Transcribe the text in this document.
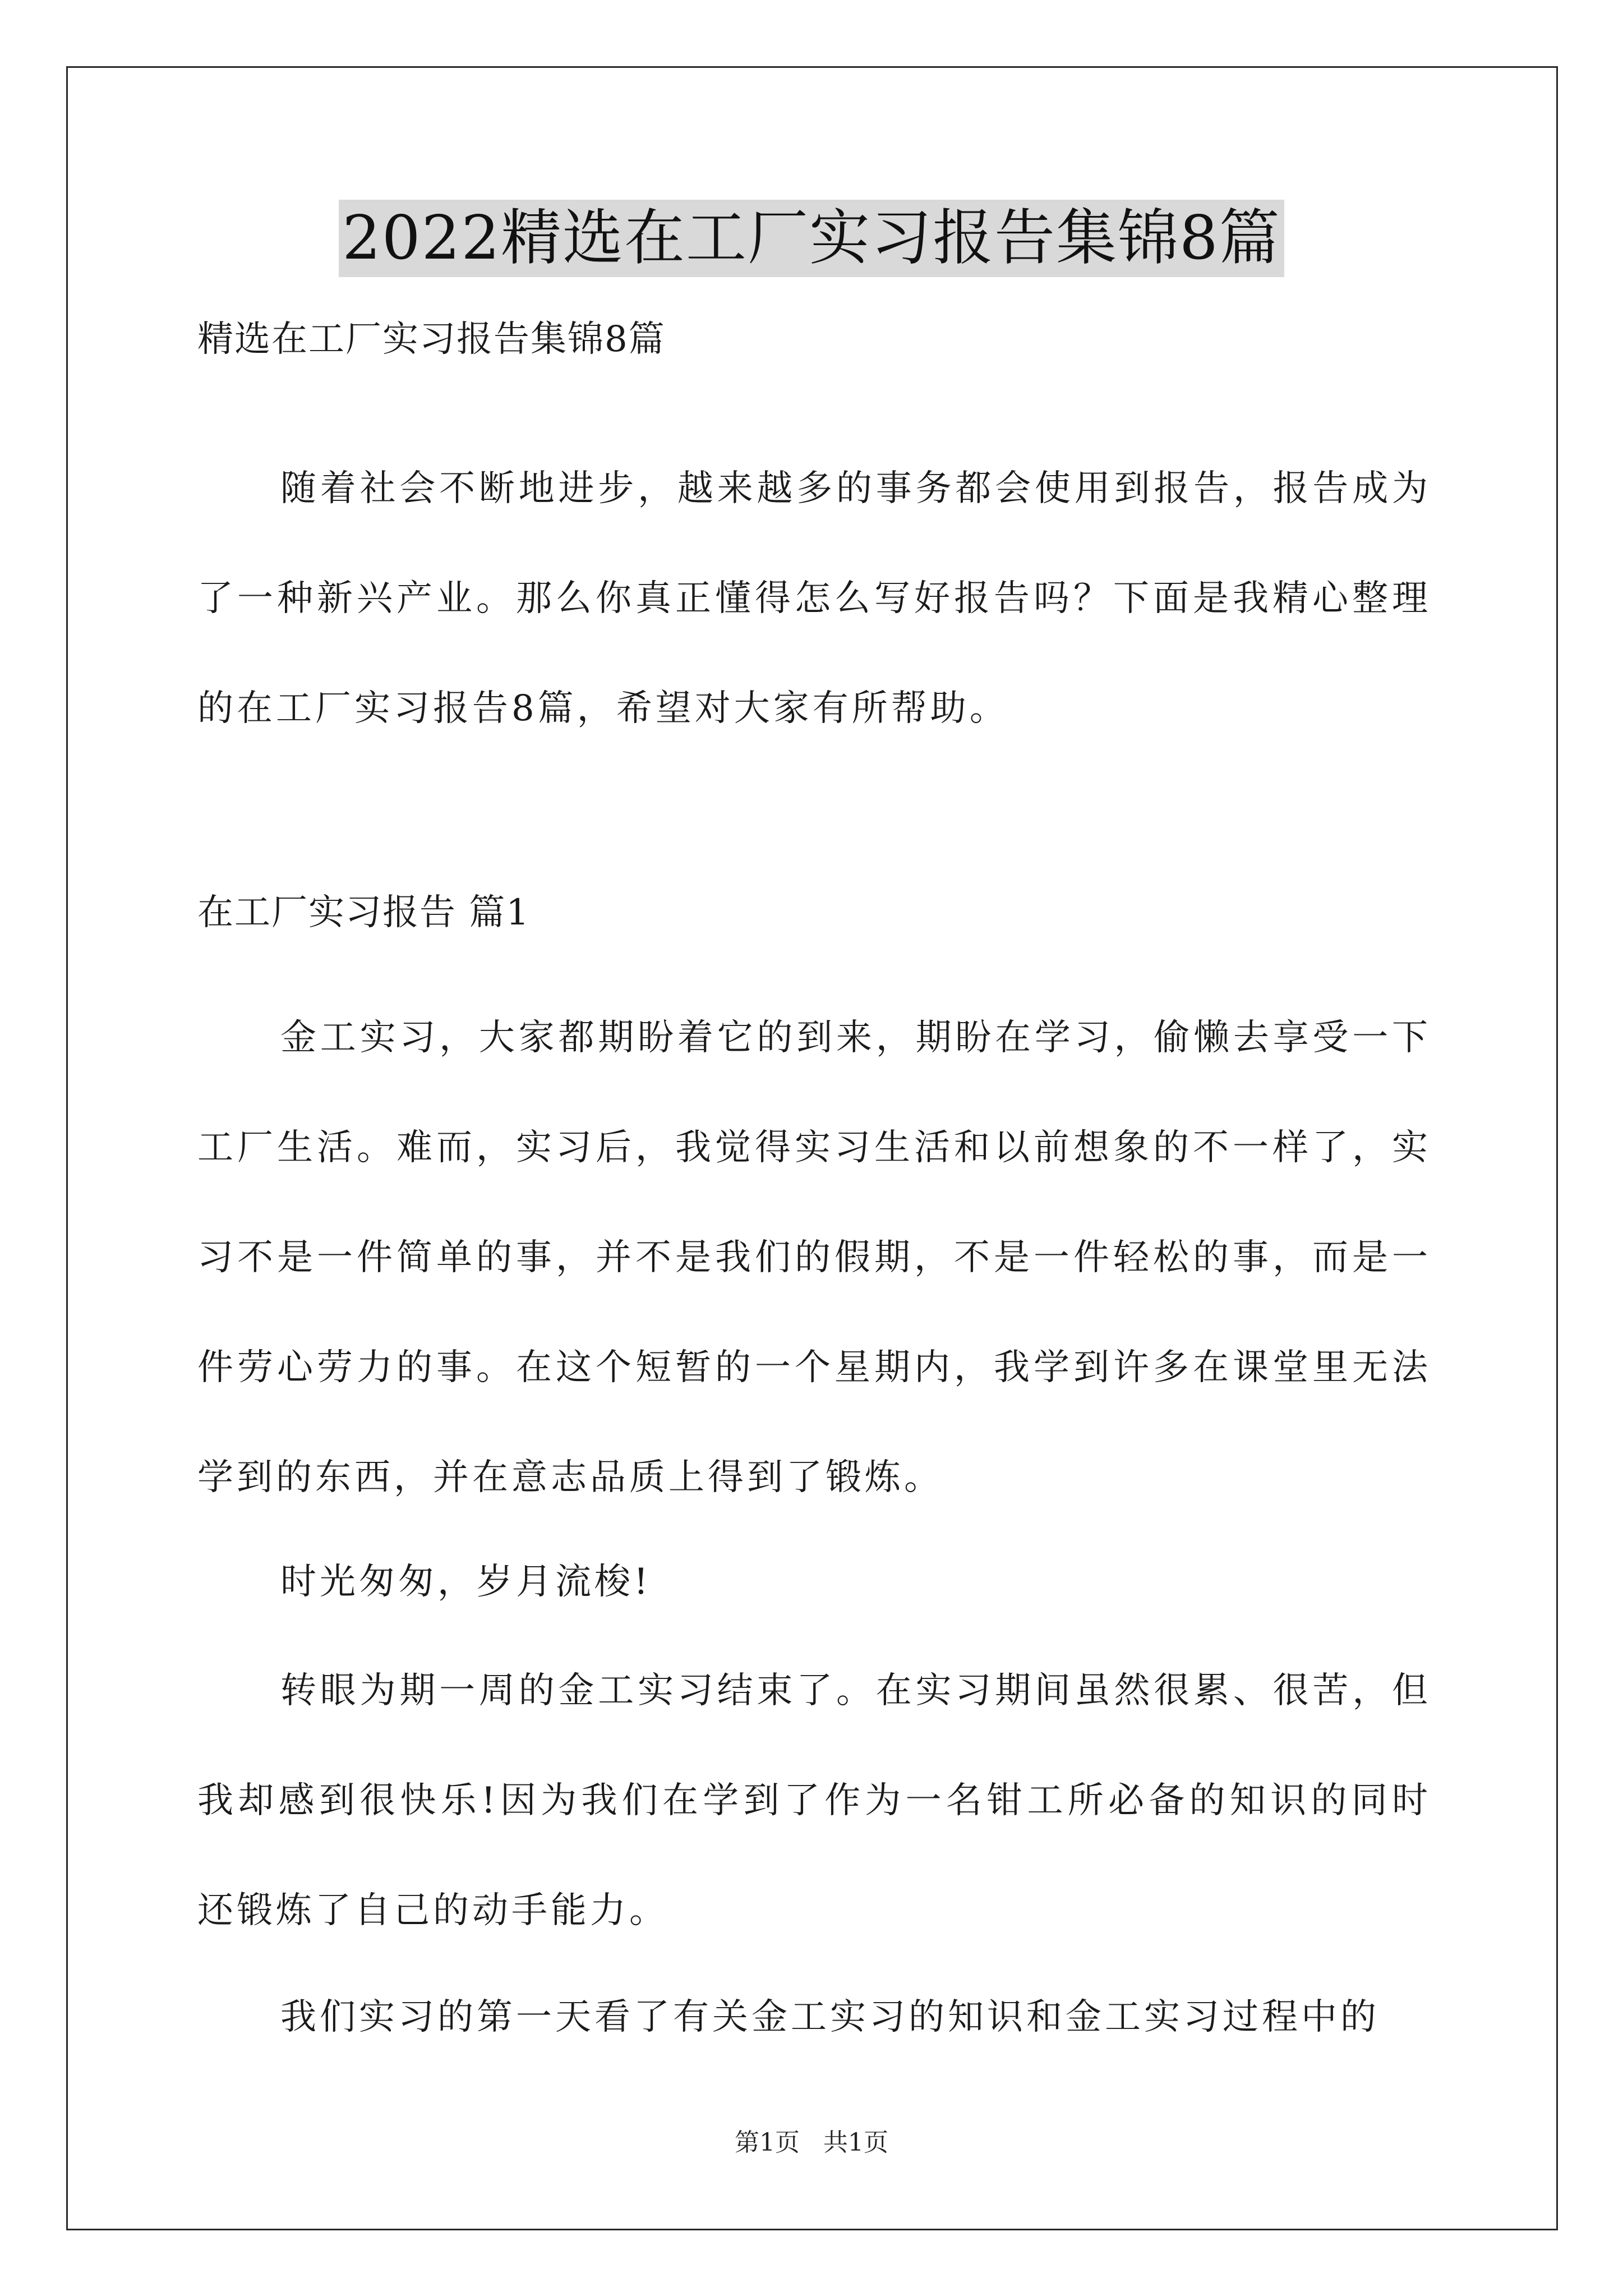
2022精选在工厂实习报告集锦8篇

精选在工厂实习报告集锦8篇

随着社会不断地进步，越来越多的事务都会使用到报告，报告成为了一种新兴产业。那么你真正懂得怎么写好报告吗？下面是我精心整理的在工厂实习报告8篇，希望对大家有所帮助。

在工厂实习报告 篇1

金工实习，大家都期盼着它的到来，期盼在学习，偷懒去享受一下工厂生活。难而，实习后，我觉得实习生活和以前想象的不一样了，实习不是一件简单的事，并不是我们的假期，不是一件轻松的事，而是一件劳心劳力的事。在这个短暂的一个星期内，我学到许多在课堂里无法学到的东西，并在意志品质上得到了锻炼。

时光匆匆，岁月流梭!

转眼为期一周的金工实习结束了。在实习期间虽然很累、很苦，但我却感到很快乐!因为我们在学到了作为一名钳工所必备的知识的同时还锻炼了自己的动手能力。

我们实习的第一天看了有关金工实习的知识和金工实习过程中的

第1页 共1页
